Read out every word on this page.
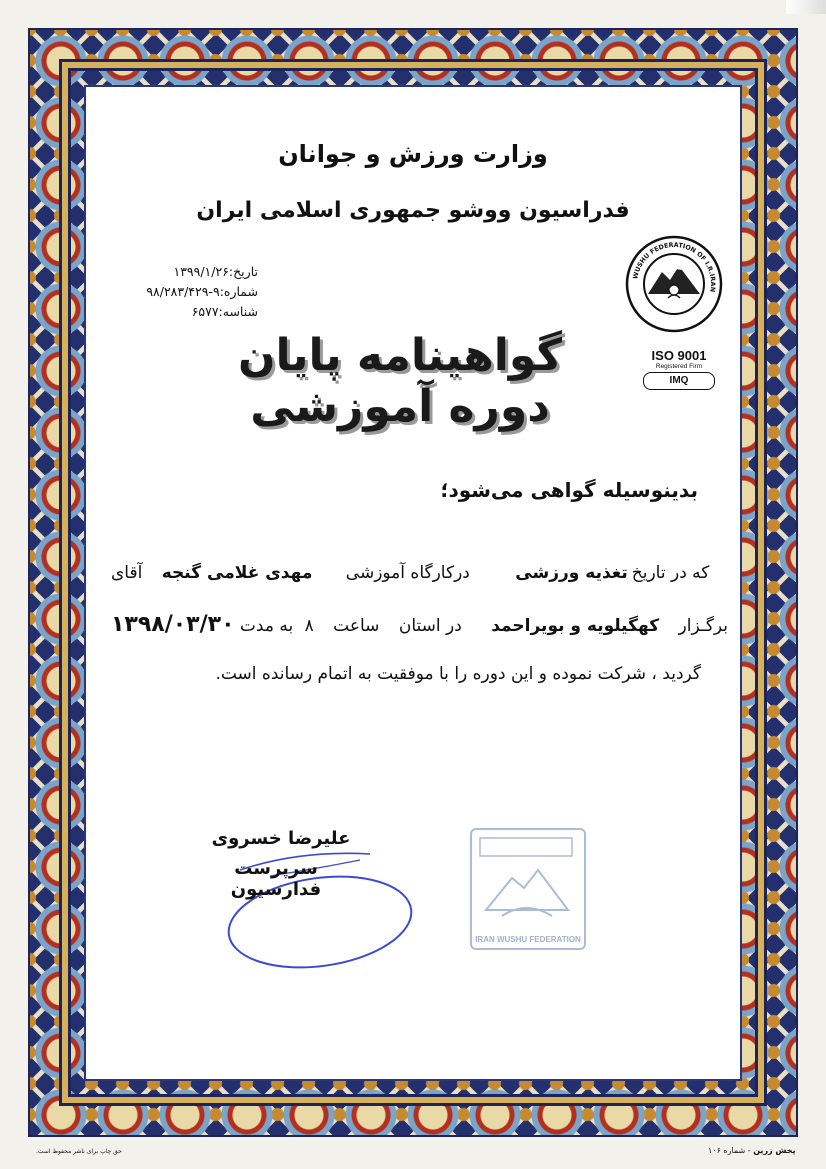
وزارت ورزش و جوانان
فدراسیون ووشو جمهوری اسلامی ایران
تاریخ:۱۳۹۹/۱/۲۶
شماره:۹-۹۸/۲۸۳/۴۲۹
شناسه:۶۵۷۷
WUSHU FEDERATION OF I.R.IRAN
ISO 9001
Registered Firm
IMQ
گواهینامه پایان دوره آموزشی
بدینوسیله گواهی می‌شود؛
آقای مهدی غلامی گنجه درکارگاه آموزشی	تغذیه ورزشی که در تاریخ
۱۳۹۸/۰۳/۳۰ به مدت ۸ ساعت در استان کهگیلویه و بویراحمد برگـزار
گردید ، شرکت نموده و این دوره را با موفقیت به اتمام رسانده است.
علیرضا خسروی
سرپرست فدارسیون
IRAN WUSHU FEDERATION
پخش زرین - شماره ۱۰۶
حق چاپ برای ناشر محفوظ است.
